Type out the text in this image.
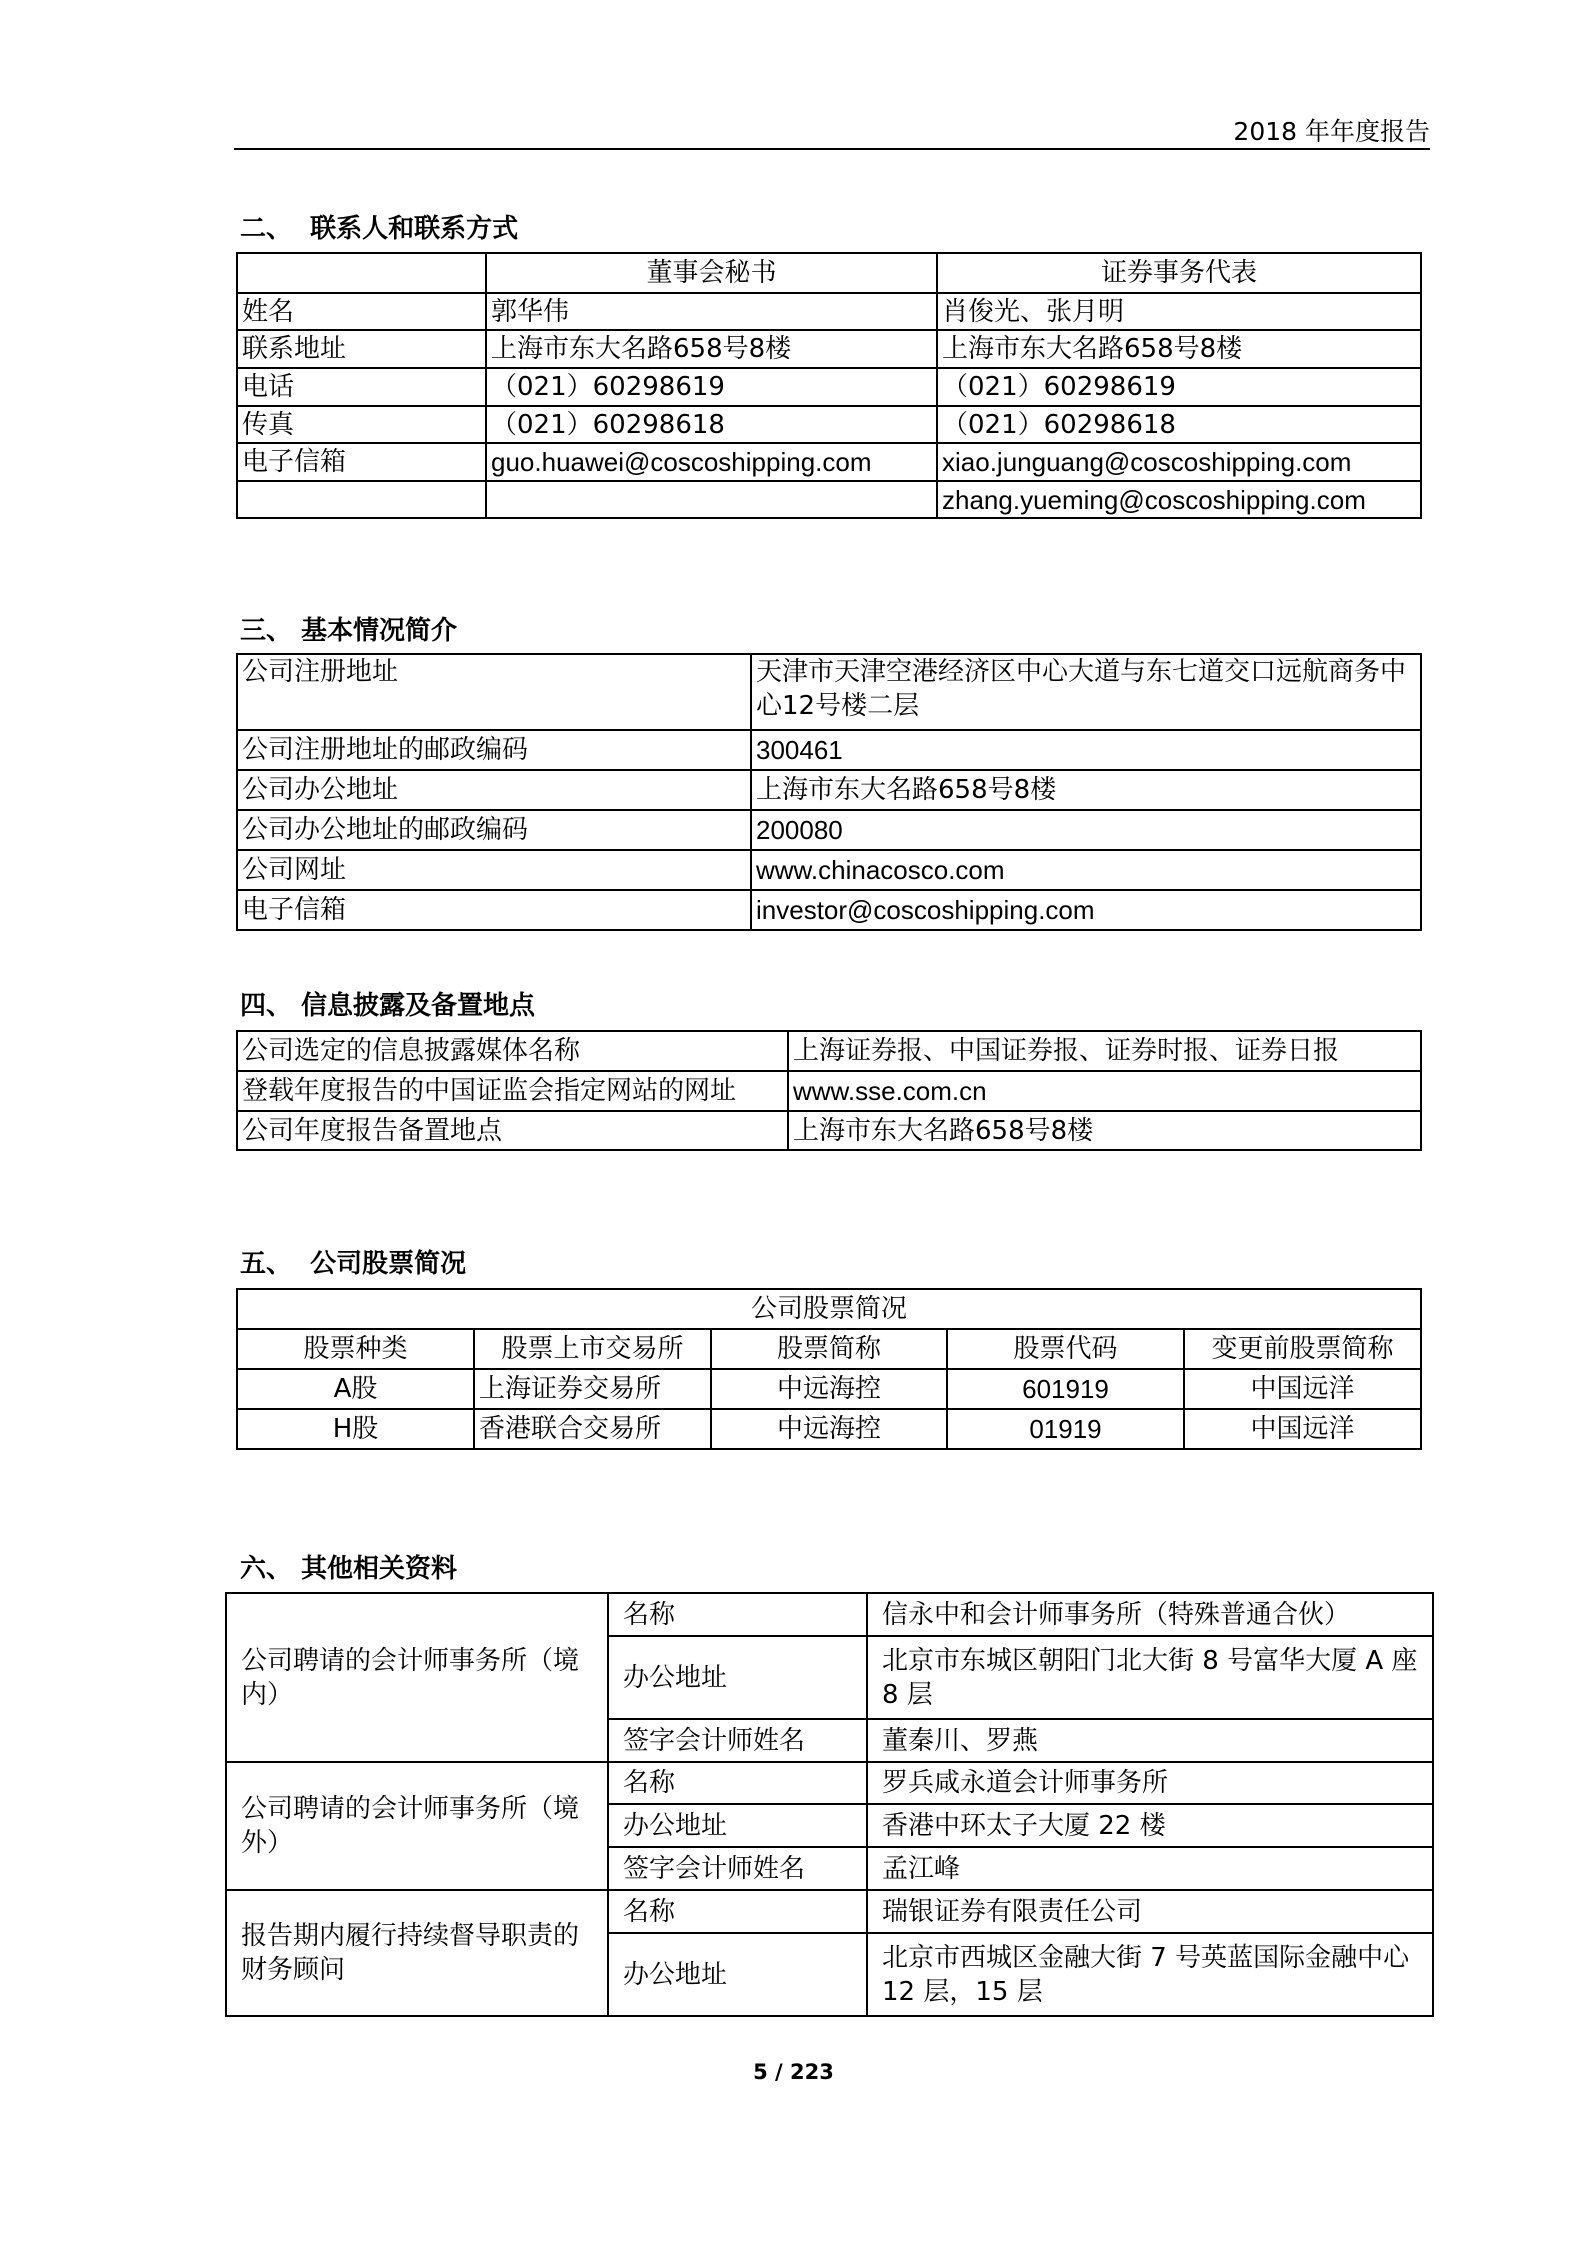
2018 年年度报告
二、  联系人和联系方式
	董事会秘书	证券事务代表
姓名	郭华伟	肖俊光、张月明
联系地址	上海市东大名路658号8楼	上海市东大名路658号8楼
电话	（021）60298619	（021）60298619
传真	（021）60298618	（021）60298618
电子信箱	guo.huawei@coscoshipping.com	xiao.junguang@coscoshipping.com
		zhang.yueming@coscoshipping.com
三、 基本情况简介
公司注册地址	天津市天津空港经济区中心大道与东七道交口远航商务中心12号楼二层
公司注册地址的邮政编码	300461
公司办公地址	上海市东大名路658号8楼
公司办公地址的邮政编码	200080
公司网址	www.chinacosco.com
电子信箱	investor@coscoshipping.com
四、 信息披露及备置地点
公司选定的信息披露媒体名称	上海证券报、中国证券报、证券时报、证券日报
登载年度报告的中国证监会指定网站的网址	www.sse.com.cn
公司年度报告备置地点	上海市东大名路658号8楼
五、  公司股票简况
公司股票简况				
股票种类	股票上市交易所	股票简称	股票代码	变更前股票简称
A股	上海证券交易所	中远海控	601919	中国远洋
H股	香港联合交易所	中远海控	01919	中国远洋
六、 其他相关资料
公司聘请的会计师事务所（境内）	名称	信永中和会计师事务所（特殊普通合伙）
	办公地址	北京市东城区朝阳门北大街 8 号富华大厦 A 座 8 层
	签字会计师姓名	董秦川、罗燕
公司聘请的会计师事务所（境外）	名称	罗兵咸永道会计师事务所
	办公地址	香港中环太子大厦 22 楼
	签字会计师姓名	孟江峰
报告期内履行持续督导职责的财务顾问	名称	瑞银证券有限责任公司
	办公地址	北京市西城区金融大街 7 号英蓝国际金融中心 12 层，15 层
5 / 223
